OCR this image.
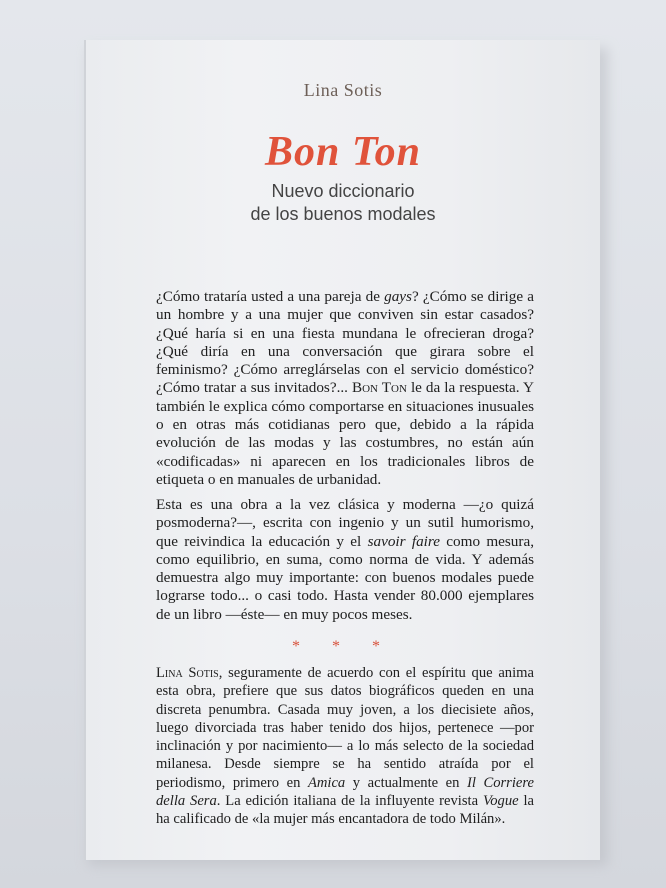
Lina Sotis
Bon Ton
Nuevo diccionario
de los buenos modales

¿Cómo trataría usted a una pareja de gays? ¿Cómo se dirige a un hombre y a una mujer que conviven sin estar casados? ¿Qué haría si en una fiesta mundana le ofrecieran droga? ¿Qué diría en una conversación que girara sobre el feminismo? ¿Cómo arreglárselas con el servicio doméstico? ¿Cómo tratar a sus invitados?... Bon Ton le da la respuesta. Y también le explica cómo comportarse en situaciones inusuales o en otras más cotidianas pero que, debido a la rápida evolución de las modas y las costumbres, no están aún «codificadas» ni aparecen en los tradicionales libros de etiqueta o en manuales de urbanidad.

Esta es una obra a la vez clásica y moderna —¿o quizá posmoderna?—, escrita con ingenio y un sutil humorismo, que reivindica la educación y el savoir faire como mesura, como equilibrio, en suma, como norma de vida. Y además demuestra algo muy importante: con buenos modales puede lograrse todo... o casi todo. Hasta vender 80.000 ejemplares de un libro —éste— en muy pocos meses.

* * *

Lina Sotis, seguramente de acuerdo con el espíritu que anima esta obra, prefiere que sus datos biográficos queden en una discreta penumbra. Casada muy joven, a los diecisiete años, luego divorciada tras haber tenido dos hijos, pertenece —por inclinación y por nacimiento— a lo más selecto de la sociedad milanesa. Desde siempre se ha sentido atraída por el periodismo, primero en Amica y actualmente en Il Corriere della Sera. La edición italiana de la influyente revista Vogue la ha calificado de «la mujer más encantadora de todo Milán».
